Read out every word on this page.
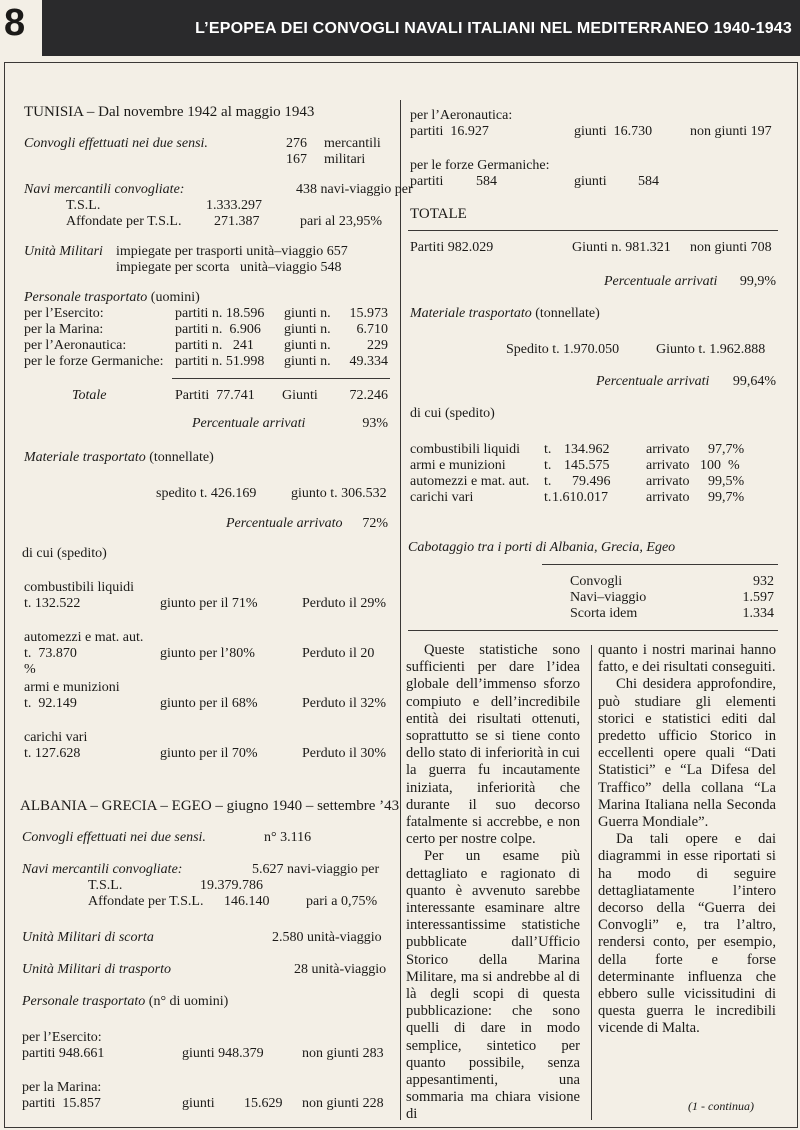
8	L’EPOPEA DEI CONVOGLI NAVALI ITALIANI NEL MEDITERRANEO 1940-1943
TUNISIA – Dal novembre 1942 al maggio 1943
Convogli effettuati nei due sensi.	276 mercantili
167 militari
Navi mercantili convogliate:	438 navi-viaggio per
T.S.L.	1.333.297
Affondate per T.S.L. 271.387	pari al 23,95%
Unità Militari impiegate per trasporti unità–viaggio 657
impiegate per scorta   unità–viaggio 548
Personale trasportato (uomini)
per l’Esercito:	partiti n. 18.596 giunti n.	15.973
per la Marina:	partiti n.  6.906 giunti n.	6.710
per l’Aeronautica:	partiti n.   241 giunti n.	229
per le forze Germaniche: partiti n. 51.998 giunti n.	49.334
Totale	Partiti  77.741 Giunti	72.246
Percentuale arrivati	93%
Materiale trasportato (tonnellate)
spedito t. 426.169 giunto t. 306.532
Percentuale arrivato	72%
di cui (spedito)
combustibili liquidi
t. 132.522	giunto per il 71%	Perduto il 29%
automezzi e mat. aut.
t.  73.870	giunto per l’80%	Perduto il 20
%
armi e munizioni
t.  92.149	giunto per il 68%	Perduto il 32%
carichi vari
t. 127.628	giunto per il 70%	Perduto il 30%
ALBANIA – GRECIA – EGEO – giugno 1940 – settembre ’43
Convogli effettuati nei due sensi.	n° 3.116
Navi mercantili convogliate:	5.627 navi-viaggio per
T.S.L.	19.379.786
Affondate per T.S.L. 146.140	pari a 0,75%
Unità Militari di scorta	2.580 unità-viaggio
Unità Militari di trasporto	28 unità-viaggio
Personale trasportato (n° di uomini)
per l’Esercito:
partiti 948.661	giunti 948.379	non giunti 283
per la Marina:
partiti  15.857	giunti 15.629 non giunti 228
per l’Aeronautica:
partiti  16.927	giunti  16.730	non giunti 197
per le forze Germaniche:
partiti 584	giunti 584
TOTALE
Partiti 982.029	Giunti n. 981.321 non giunti 708
Percentuale arrivati	99,9%
Materiale trasportato (tonnellate)
Spedito t. 1.970.050	Giunto t. 1.962.888
Percentuale arrivati	99,64%
di cui (spedito)
combustibili liquidi t. 134.962	arrivato 97,7%
armi e munizioni	t. 145.575	arrivato 100  %
automezzi e mat. aut. t. 79.496	arrivato 99,5%
carichi vari	t. 1.610.017	arrivato 99,7%
Cabotaggio tra i porti di Albania, Grecia, Egeo
Convogli	932
Navi–viaggio	1.597
Scorta idem	1.334

Queste statistiche sono sufficienti per dare l’idea globale dell’immenso sforzo compiuto e dell’incredibile entità dei risultati ottenuti, soprattutto se si tiene conto dello stato di inferiorità in cui la guerra fu incautamente iniziata, inferiorità che durante il suo decorso fatalmente si accrebbe, e non certo per nostre colpe.

Per un esame più dettagliato e ragionato di quanto è avvenuto sarebbe interessante esaminare altre interessantissime statistiche pubblicate dall’Ufficio Storico della Marina Militare, ma si andrebbe al di là degli scopi di questa pubblicazione: che sono quelli di dare in modo semplice, sintetico per quanto possibile, senza appesantimenti, una sommaria ma chiara visione di

quanto i nostri marinai hanno fatto, e dei risultati conseguiti.

Chi desidera approfondire, può studiare gli elementi storici e statistici editi dal predetto ufficio Storico in eccellenti opere quali “Dati Statistici” e “La Difesa del Traffico” della collana “La Marina Italiana nella Seconda Guerra Mondiale”.

Da tali opere e dai diagrammi in esse riportati si ha modo di seguire dettagliatamente l’intero decorso della “Guerra dei Convogli” e, tra l’altro, rendersi conto, per esempio, della forte e forse determinante influenza che ebbero sulle vicissitudini di questa guerra le incredibili vicende di Malta.

(1 - continua)
